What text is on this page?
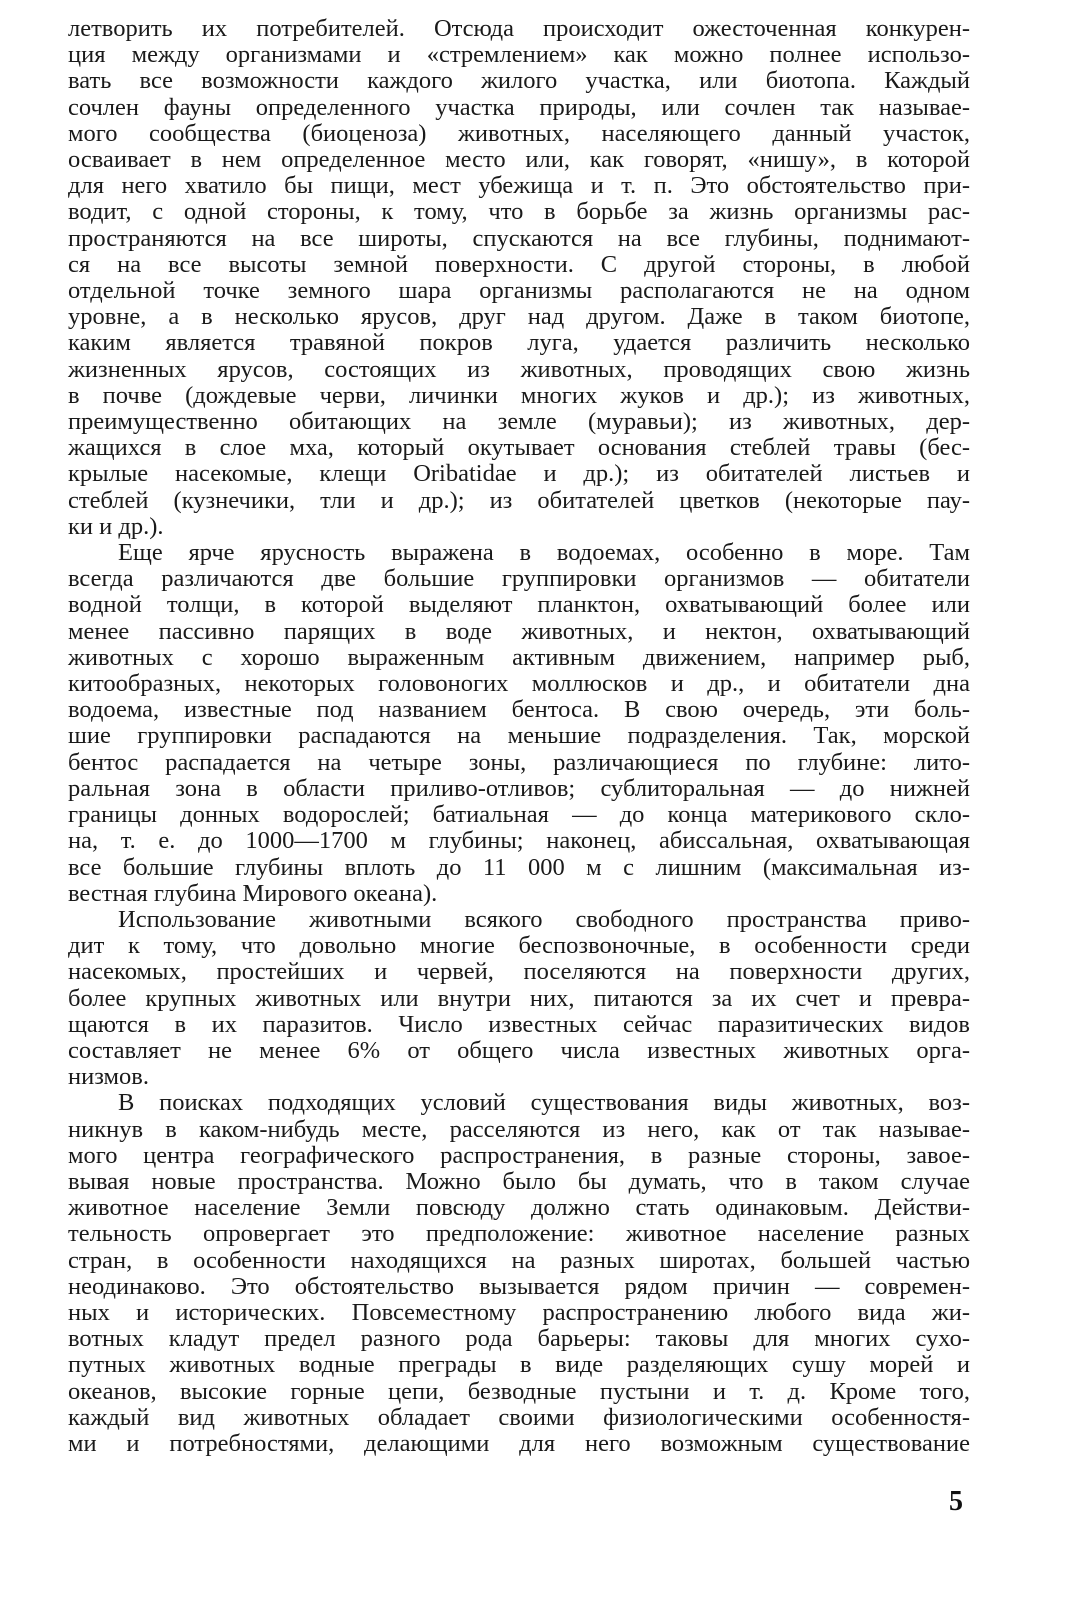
летворить их потребителей. Отсюда происходит ожесточенная конкурен-
ция между организмами и «стремлением» как можно полнее использо-
вать все возможности каждого жилого участка, или биотопа. Каждый
сочлен фауны определенного участка природы, или сочлен так называе-
мого сообщества (биоценоза) животных, населяющего данный участок,
осваивает в нем определенное место или, как говорят, «нишу», в которой
для него хватило бы пищи, мест убежища и т. п. Это обстоятельство при-
водит, с одной стороны, к тому, что в борьбе за жизнь организмы рас-
пространяются на все широты, спускаются на все глубины, поднимают-
ся на все высоты земной поверхности. С другой стороны, в любой
отдельной точке земного шара организмы располагаются не на одном
уровне, а в несколько ярусов, друг над другом. Даже в таком биотопе,
каким является травяной покров луга, удается различить несколько
жизненных ярусов, состоящих из животных, проводящих свою жизнь
в почве (дождевые черви, личинки многих жуков и др.); из животных,
преимущественно обитающих на земле (муравьи); из животных, дер-
жащихся в слое мха, который окутывает основания стеблей травы (бес-
крылые насекомые, клещи Oribatidae и др.); из обитателей листьев и
стеблей (кузнечики, тли и др.); из обитателей цветков (некоторые пау-
ки и др.).
Еще ярче ярусность выражена в водоемах, особенно в море. Там
всегда различаются две большие группировки организмов — обитатели
водной толщи, в которой выделяют планктон, охватывающий более или
менее пассивно парящих в воде животных, и нектон, охватывающий
животных с хорошо выраженным активным движением, например рыб,
китообразных, некоторых головоногих моллюсков и др., и обитатели дна
водоема, известные под названием бентоса. В свою очередь, эти боль-
шие группировки распадаются на меньшие подразделения. Так, морской
бентос распадается на четыре зоны, различающиеся по глубине: лито-
ральная зона в области приливо-отливов; сублиторальная — до нижней
границы донных водорослей; батиальная — до конца материкового скло-
на, т. е. до 1000—1700 м глубины; наконец, абиссальная, охватывающая
все большие глубины вплоть до 11 000 м с лишним (максимальная из-
вестная глубина Мирового океана).
Использование животными всякого свободного пространства приво-
дит к тому, что довольно многие беспозвоночные, в особенности среди
насекомых, простейших и червей, поселяются на поверхности других,
более крупных животных или внутри них, питаются за их счет и превра-
щаются в их паразитов. Число известных сейчас паразитических видов
составляет не менее 6% от общего числа известных животных орга-
низмов.
В поисках подходящих условий существования виды животных, воз-
никнув в каком-нибудь месте, расселяются из него, как от так называе-
мого центра географического распространения, в разные стороны, завое-
вывая новые пространства. Можно было бы думать, что в таком случае
животное население Земли повсюду должно стать одинаковым. Действи-
тельность опровергает это предположение: животное население разных
стран, в особенности находящихся на разных широтах, большей частью
неодинаково. Это обстоятельство вызывается рядом причин — современ-
ных и исторических. Повсеместному распространению любого вида жи-
вотных кладут предел разного рода барьеры: таковы для многих сухо-
путных животных водные преграды в виде разделяющих сушу морей и
океанов, высокие горные цепи, безводные пустыни и т. д. Кроме того,
каждый вид животных обладает своими физиологическими особенностя-
ми и потребностями, делающими для него возможным существование
5
